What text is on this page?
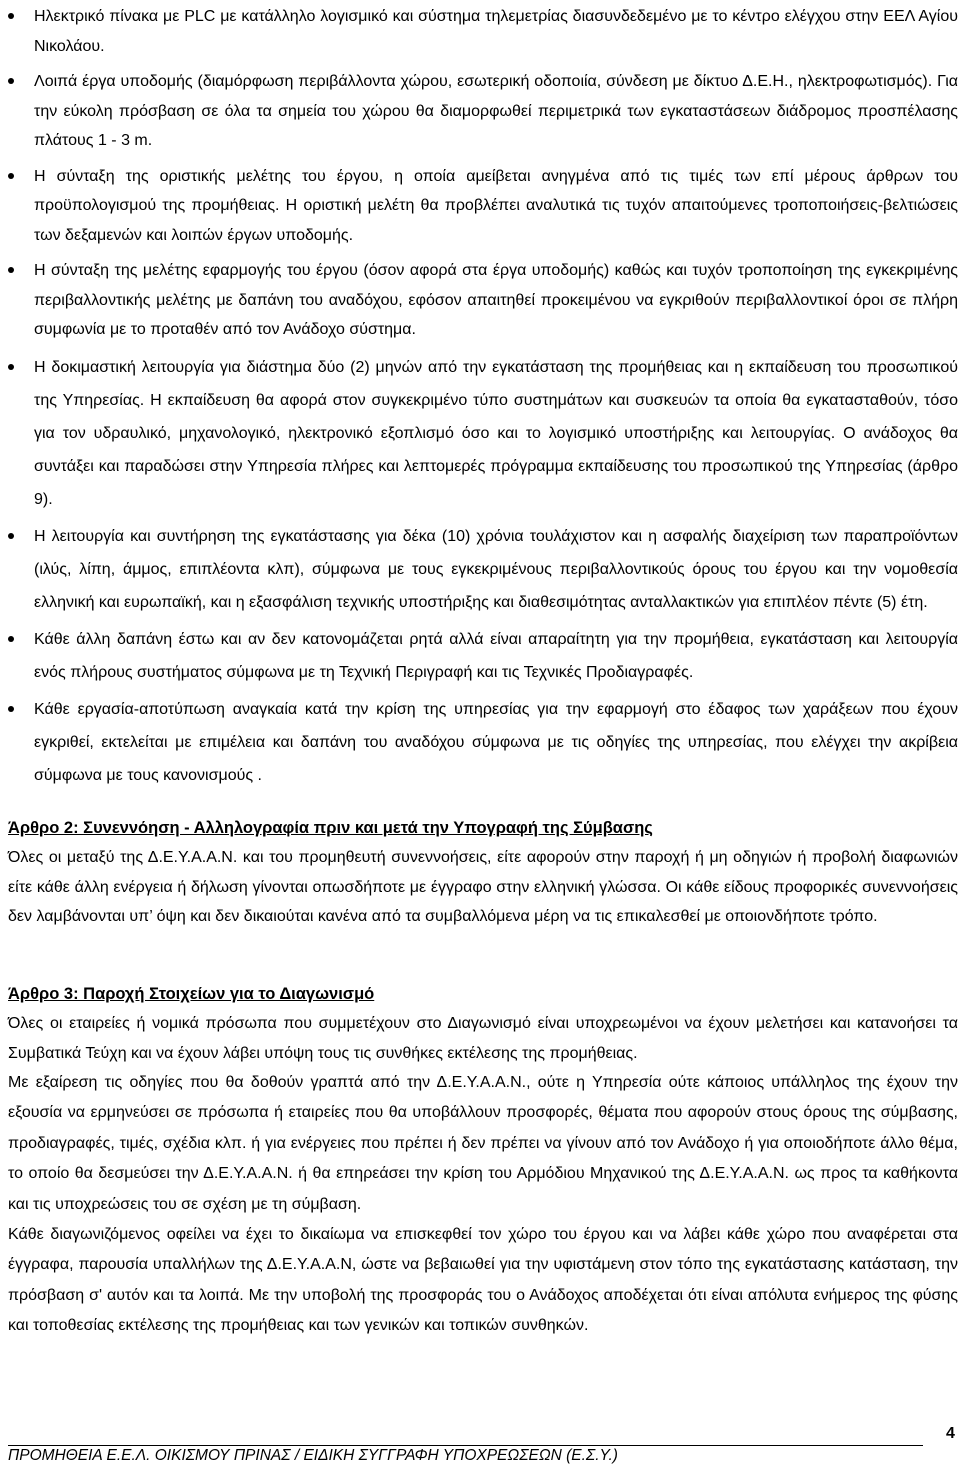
Ηλεκτρικό πίνακα με PLC με κατάλληλο λογισμικό και σύστημα τηλεμετρίας διασυνδεδεμένο με το κέντρο ελέγχου στην ΕΕΛ Αγίου Νικολάου.
Λοιπά έργα υποδομής (διαμόρφωση περιβάλλοντα χώρου, εσωτερική οδοποιία, σύνδεση με δίκτυο Δ.Ε.Η., ηλεκτροφωτισμός). Για την εύκολη πρόσβαση σε όλα τα σημεία του χώρου θα διαμορφωθεί περιμετρικά των εγκαταστάσεων διάδρομος προσπέλασης πλάτους 1 - 3 m.
Η σύνταξη της οριστικής μελέτης του έργου, η οποία αμείβεται ανηγμένα από τις τιμές των επί μέρους άρθρων του προϋπολογισμού της προμήθειας. Η οριστική μελέτη θα προβλέπει αναλυτικά τις τυχόν απαιτούμενες τροποποιήσεις-βελτιώσεις των δεξαμενών και λοιπών έργων υποδομής.
Η σύνταξη της μελέτης εφαρμογής του έργου (όσον αφορά στα έργα υποδομής) καθώς και τυχόν τροποποίηση της εγκεκριμένης περιβαλλοντικής μελέτης με δαπάνη του αναδόχου, εφόσον απαιτηθεί προκειμένου να εγκριθούν περιβαλλοντικοί όροι σε πλήρη συμφωνία με το προταθέν από τον Ανάδοχο σύστημα.
Η δοκιμαστική λειτουργία για διάστημα δύο (2) μηνών από την εγκατάσταση της προμήθειας και η εκπαίδευση του προσωπικού της Υπηρεσίας. Η εκπαίδευση θα αφορά στον συγκεκριμένο τύπο συστημάτων και συσκευών τα οποία θα εγκατασταθούν, τόσο για τον υδραυλικό, μηχανολογικό, ηλεκτρονικό εξοπλισμό όσο και το λογισμικό υποστήριξης και λειτουργίας. Ο ανάδοχος θα συντάξει και παραδώσει στην Υπηρεσία πλήρες και λεπτομερές πρόγραμμα εκπαίδευσης του προσωπικού της Υπηρεσίας (άρθρο 9).
Η λειτουργία και συντήρηση της εγκατάστασης για δέκα (10) χρόνια τουλάχιστον και η ασφαλής διαχείριση των παραπροϊόντων (ιλύς, λίπη, άμμος, επιπλέοντα κλπ), σύμφωνα με τους εγκεκριμένους περιβαλλοντικούς όρους του έργου και την νομοθεσία ελληνική και ευρωπαϊκή, και η εξασφάλιση τεχνικής υποστήριξης και διαθεσιμότητας ανταλλακτικών για επιπλέον πέντε (5) έτη.
Κάθε άλλη δαπάνη έστω και αν δεν κατονομάζεται ρητά αλλά είναι απαραίτητη για την προμήθεια, εγκατάσταση και λειτουργία ενός πλήρους συστήματος σύμφωνα με τη Τεχνική Περιγραφή και τις Τεχνικές Προδιαγραφές.
Κάθε εργασία-αποτύπωση αναγκαία κατά την κρίση της υπηρεσίας για την εφαρμογή στο έδαφος των χαράξεων που έχουν εγκριθεί, εκτελείται με επιμέλεια και δαπάνη του αναδόχου σύμφωνα με τις οδηγίες της υπηρεσίας, που ελέγχει την ακρίβεια σύμφωνα με τους κανονισμούς .
Άρθρο 2: Συνεννόηση - Αλληλογραφία πριν και μετά την Υπογραφή της Σύμβασης

Όλες οι μεταξύ της Δ.Ε.Υ.Α.Α.Ν. και του προμηθευτή συνεννοήσεις, είτε αφορούν στην παροχή ή μη οδηγιών ή προβολή διαφωνιών είτε κάθε άλλη ενέργεια ή δήλωση γίνονται οπωσδήποτε με έγγραφο στην ελληνική γλώσσα. Οι κάθε είδους προφορικές συνεννοήσεις δεν λαμβάνονται υπ’ όψη και δεν δικαιούται κανένα από τα συμβαλλόμενα μέρη να τις επικαλεσθεί με οποιονδήποτε τρόπο.

Άρθρο 3: Παροχή Στοιχείων για το Διαγωνισμό

Όλες οι εταιρείες ή νομικά πρόσωπα που συμμετέχουν στο Διαγωνισμό είναι υποχρεωμένοι να έχουν μελετήσει και κατανοήσει τα Συμβατικά Τεύχη και να έχουν λάβει υπόψη τους τις συνθήκες εκτέλεσης της προμήθειας.

Με εξαίρεση τις οδηγίες που θα δοθούν γραπτά από την Δ.Ε.Υ.Α.Α.Ν., ούτε η Υπηρεσία ούτε κάποιος υπάλληλος της έχουν την εξουσία να ερμηνεύσει σε πρόσωπα ή εταιρείες που θα υποβάλλουν προσφορές, θέματα που αφορούν στους όρους της σύμβασης, προδιαγραφές, τιμές, σχέδια κλπ. ή για ενέργειες που πρέπει ή δεν πρέπει να γίνουν από τον Ανάδοχο ή για οποιοδήποτε άλλο θέμα, το οποίο θα δεσμεύσει την Δ.Ε.Υ.Α.Α.Ν. ή θα επηρεάσει την κρίση του Αρμόδιου Μηχανικού της Δ.Ε.Υ.Α.Α.Ν. ως προς τα καθήκοντα και τις υποχρεώσεις του σε σχέση με τη σύμβαση.

Κάθε διαγωνιζόμενος οφείλει να έχει το δικαίωμα να επισκεφθεί τον χώρο του έργου και να λάβει κάθε χώρο που αναφέρεται στα έγγραφα, παρουσία υπαλλήλων της Δ.Ε.Υ.Α.Α.Ν, ώστε να βεβαιωθεί για την υφιστάμενη στον τόπο της εγκατάστασης κατάσταση, την πρόσβαση σ' αυτόν και τα λοιπά. Με την υποβολή της προσφοράς του ο Ανάδοχος αποδέχεται ότι είναι απόλυτα ενήμερος της φύσης και τοποθεσίας εκτέλεσης της προμήθειας και των γενικών και τοπικών συνθηκών.

ΠΡΟΜΗΘΕΙΑ Ε.Ε.Λ. ΟΙΚΙΣΜΟΥ ΠΡΙΝΑΣ / ΕΙΔΙΚΗ ΣΥΓΓΡΑΦΗ ΥΠΟΧΡΕΩΣΕΩΝ (Ε.Σ.Υ.)
4
